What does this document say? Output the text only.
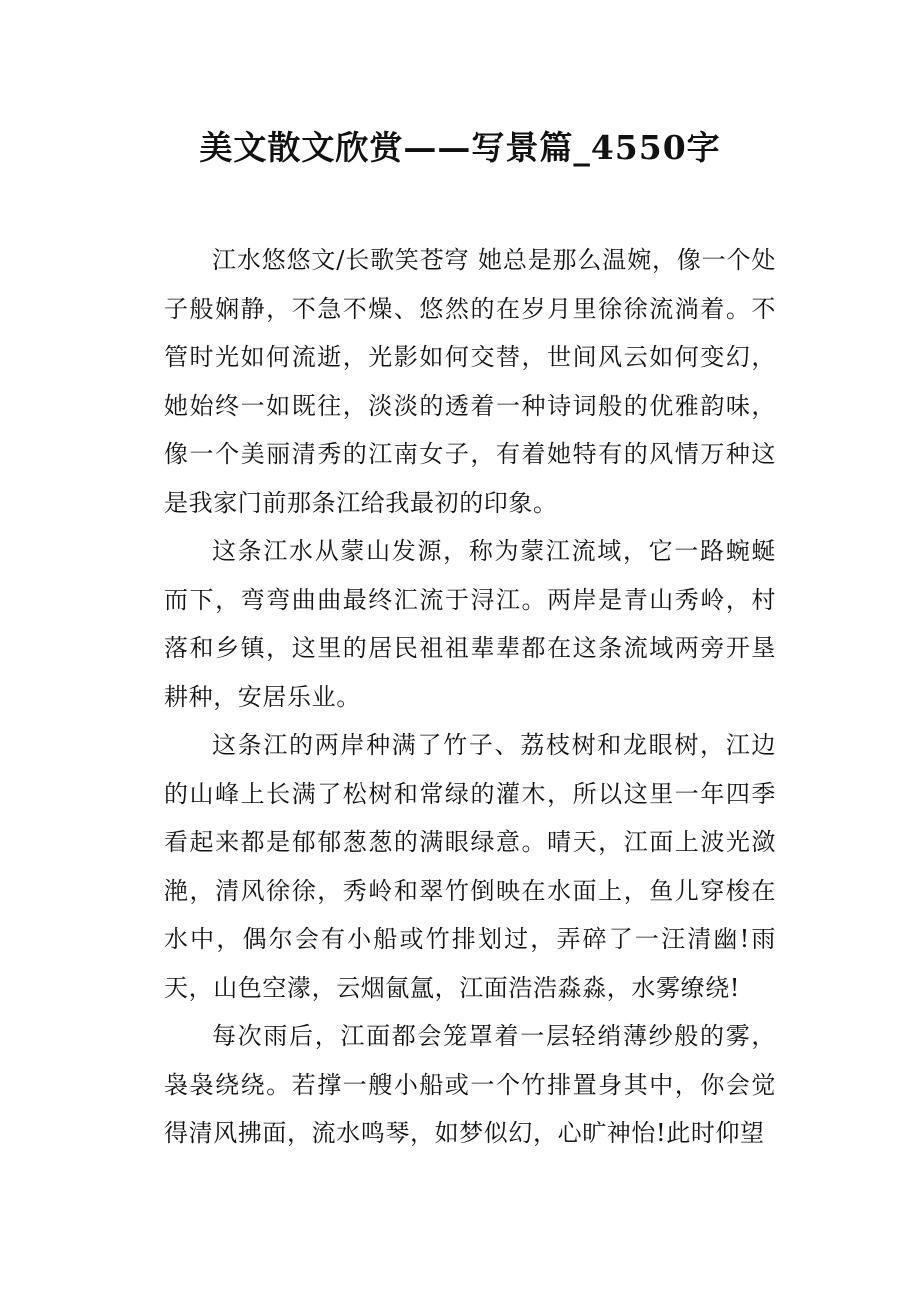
美文散文欣赏——写景篇_4550字

江水悠悠文/长歌笑苍穹 她总是那么温婉，像一个处子般娴静，不急不燥、悠然的在岁月里徐徐流淌着。不管时光如何流逝，光影如何交替，世间风云如何变幻，她始终一如既往，淡淡的透着一种诗词般的优雅韵味，像一个美丽清秀的江南女子，有着她特有的风情万种这是我家门前那条江给我最初的印象。

这条江水从蒙山发源，称为蒙江流域，它一路蜿蜒而下，弯弯曲曲最终汇流于浔江。两岸是青山秀岭，村落和乡镇，这里的居民祖祖辈辈都在这条流域两旁开垦耕种，安居乐业。

这条江的两岸种满了竹子、荔枝树和龙眼树，江边的山峰上长满了松树和常绿的灌木，所以这里一年四季看起来都是郁郁葱葱的满眼绿意。晴天，江面上波光潋滟，清风徐徐，秀岭和翠竹倒映在水面上，鱼儿穿梭在水中，偶尔会有小船或竹排划过，弄碎了一汪清幽!雨天，山色空濛，云烟氤氲，江面浩浩淼淼，水雾缭绕!

每次雨后，江面都会笼罩着一层轻绡薄纱般的雾，袅袅绕绕。若撑一艘小船或一个竹排置身其中，你会觉得清风拂面，流水鸣琴，如梦似幻，心旷神怡!此时仰望
